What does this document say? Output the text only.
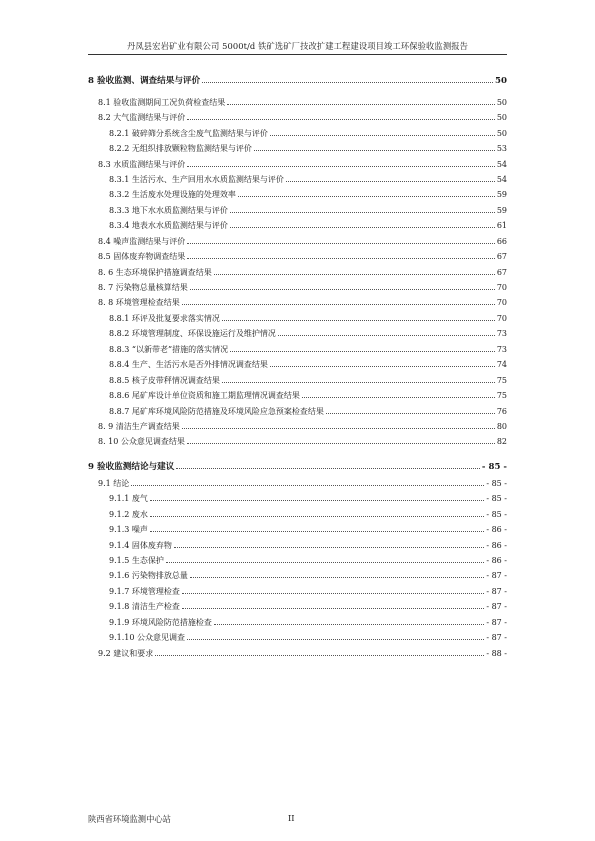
丹凤县宏岩矿业有限公司 5000t/d 铁矿选矿厂技改扩建工程建设项目竣工环保验收监测报告
8 验收监测、调查结果与评价	50
8.1 验收监测期间工况负荷检查结果	50
8.2 大气监测结果与评价	50
8.2.1 破碎筛分系统含尘废气监测结果与评价	50
8.2.2 无组织排放颗粒物监测结果与评价	53
8.3 水质监测结果与评价	54
8.3.1 生活污水、生产回用水水质监测结果与评价	54
8.3.2 生活废水处理设施的处理效率	59
8.3.3 地下水水质监测结果与评价	59
8.3.4 地表水水质监测结果与评价	61
8.4 噪声监测结果与评价	66
8.5 固体废弃物调查结果	67
8. 6 生态环境保护措施调查结果	67
8. 7 污染物总量核算结果	70
8. 8 环境管理检查结果	70
8.8.1 环评及批复要求落实情况	70
8.8.2 环境管理制度、环保设施运行及维护情况	73
8.8.3 “以新带老”措施的落实情况	73
8.8.4 生产、生活污水是否外排情况调查结果	74
8.8.5 核子皮带秤情况调查结果	75
8.8.6 尾矿库设计单位资质和施工期监理情况调查结果	75
8.8.7 尾矿库环境风险防范措施及环境风险应急预案检查结果	76
8. 9 清洁生产调查结果	80
8. 10 公众意见调查结果	82
9 验收监测结论与建议	- 85 -
9.1 结论	- 85 -
9.1.1 废气	- 85 -
9.1.2 废水	- 85 -
9.1.3 噪声	- 86 -
9.1.4 固体废弃物	- 86 -
9.1.5 生态保护	- 86 -
9.1.6 污染物排放总量	- 87 -
9.1.7 环境管理检查	- 87 -
9.1.8 清洁生产检查	- 87 -
9.1.9 环境风险防范措施检查	- 87 -
9.1.10 公众意见调查	- 87 -
9.2 建议和要求	- 88 -
陕西省环境监测中心站	II
